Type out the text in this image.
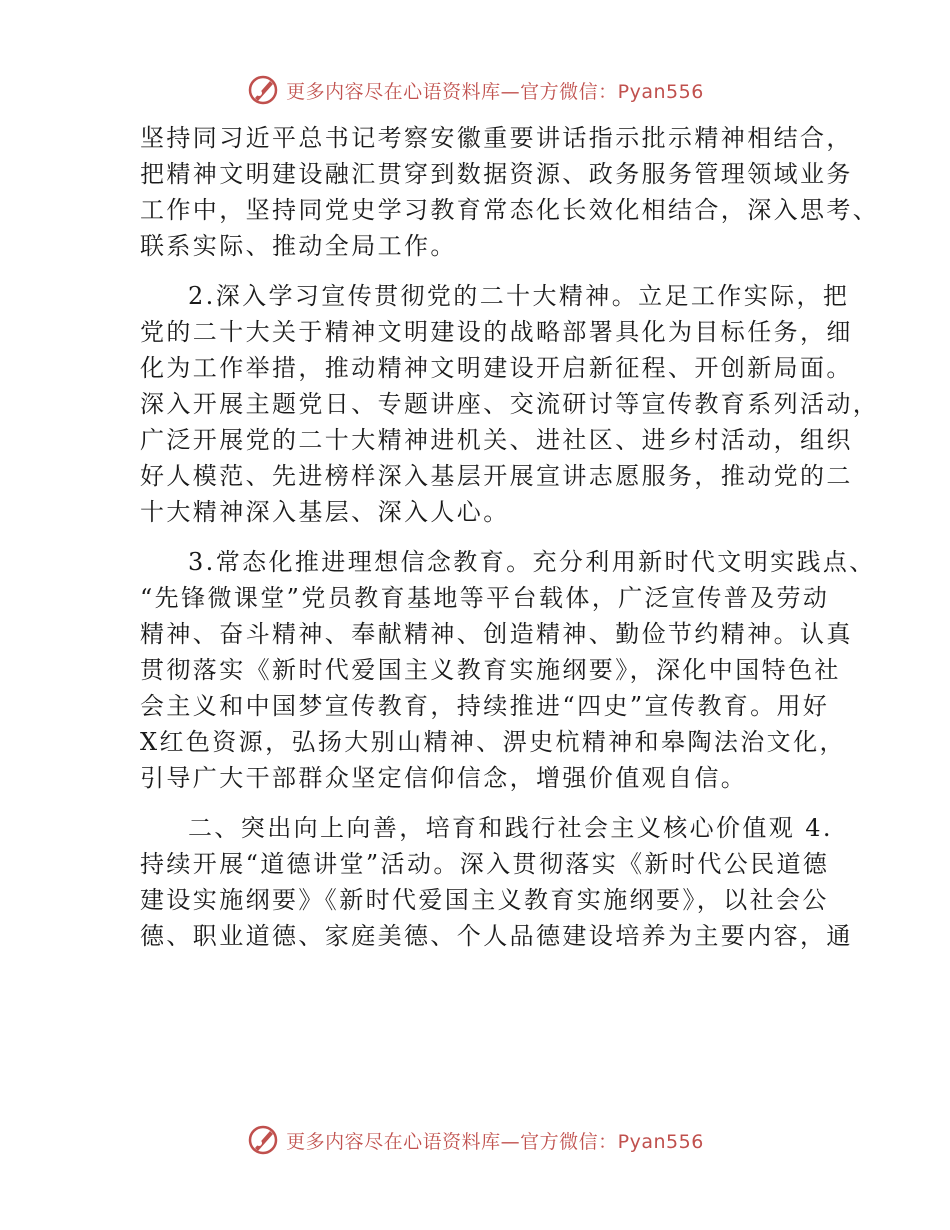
更多内容尽在心语资料库—官方微信：Pyan556
坚持同习近平总书记考察安徽重要讲话指示批示精神相结合，
把精神文明建设融汇贯穿到数据资源、政务服务管理领域业务
工作中，坚持同党史学习教育常态化长效化相结合，深入思考、
联系实际、推动全局工作。
2.深入学习宣传贯彻党的二十大精神。立足工作实际，把
党的二十大关于精神文明建设的战略部署具化为目标任务，细
化为工作举措，推动精神文明建设开启新征程、开创新局面。
深入开展主题党日、专题讲座、交流研讨等宣传教育系列活动，
广泛开展党的二十大精神进机关、进社区、进乡村活动，组织
好人模范、先进榜样深入基层开展宣讲志愿服务，推动党的二
十大精神深入基层、深入人心。
3.常态化推进理想信念教育。充分利用新时代文明实践点、
“先锋微课堂”党员教育基地等平台载体，广泛宣传普及劳动
精神、奋斗精神、奉献精神、创造精神、勤俭节约精神。认真
贯彻落实《新时代爱国主义教育实施纲要》，深化中国特色社
会主义和中国梦宣传教育，持续推进“四史”宣传教育。用好
X红色资源，弘扬大别山精神、淠史杭精神和皋陶法治文化，
引导广大干部群众坚定信仰信念，增强价值观自信。
二、突出向上向善，培育和践行社会主义核心价值观 4.
持续开展“道德讲堂”活动。深入贯彻落实《新时代公民道德
建设实施纲要》《新时代爱国主义教育实施纲要》，以社会公
德、职业道德、家庭美德、个人品德建设培养为主要内容，通
更多内容尽在心语资料库—官方微信：Pyan556
